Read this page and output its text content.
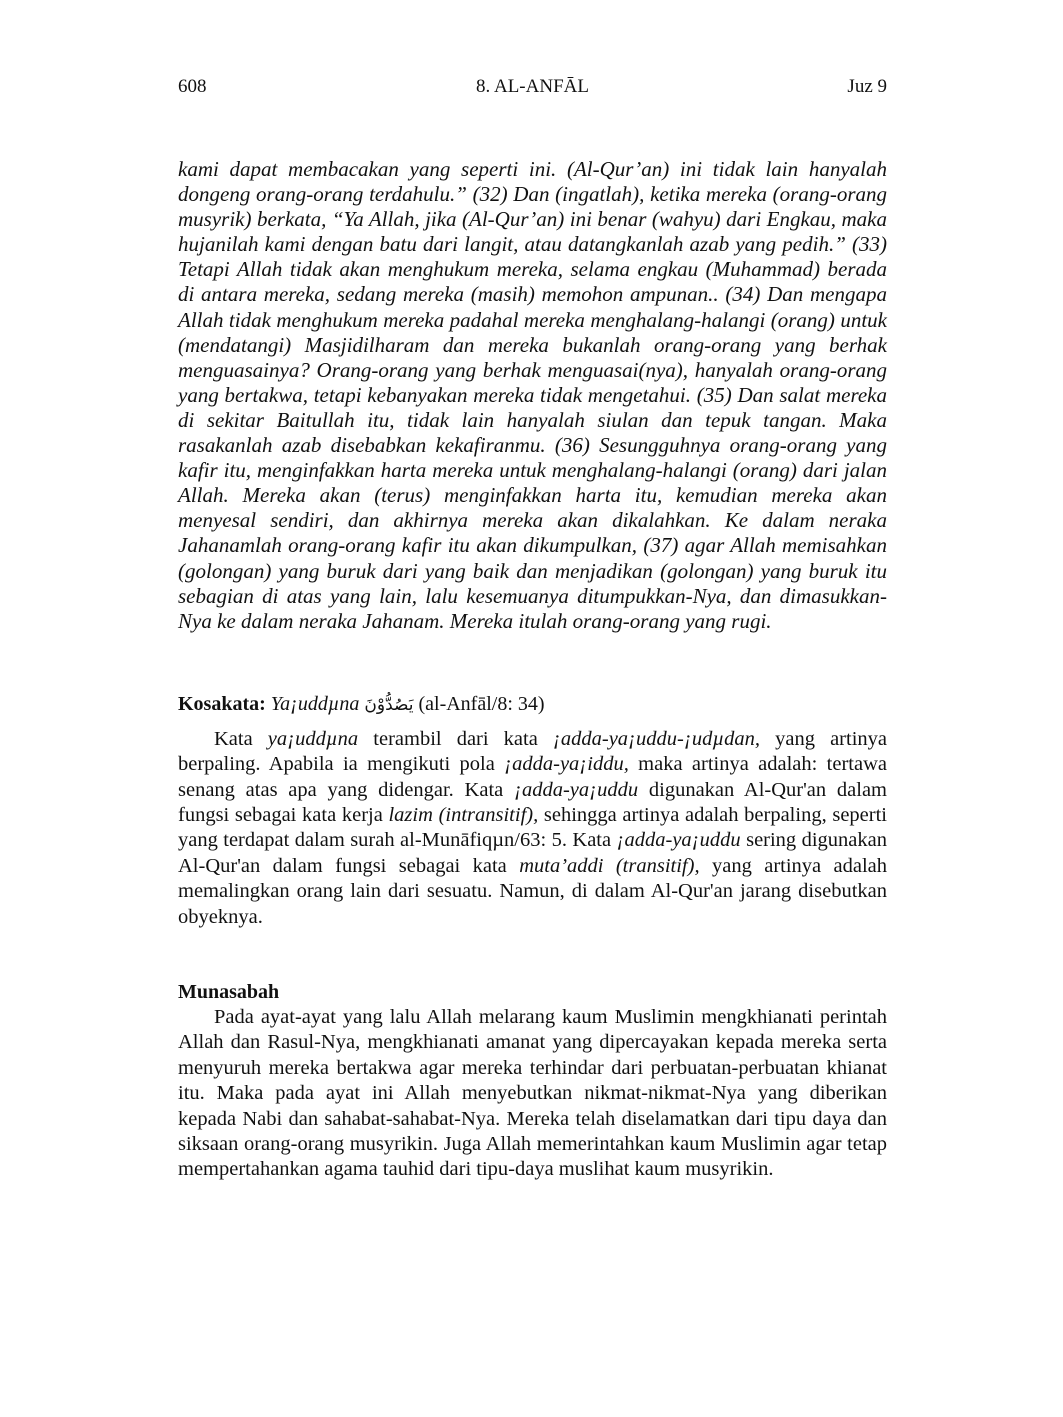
608	8. AL-ANFĀL	Juz 9

kami dapat membacakan yang seperti ini. (Al-Qur’an) ini tidak lain hanyalah dongeng orang-orang terdahulu.” (32) Dan (ingatlah), ketika mereka (orang-orang musyrik) berkata, “Ya Allah, jika (Al-Qur’an) ini benar (wahyu) dari Engkau, maka hujanilah kami dengan batu dari langit, atau datangkanlah azab yang pedih.” (33) Tetapi Allah tidak akan menghukum mereka, selama engkau (Muhammad) berada di antara mereka, sedang mereka (masih) memohon ampunan.. (34) Dan mengapa Allah tidak menghukum mereka padahal mereka menghalang-halangi (orang) untuk (mendatangi) Masjidilharam dan mereka bukanlah orang-orang yang berhak menguasainya? Orang-orang yang berhak menguasai(nya), hanyalah orang-orang yang bertakwa, tetapi kebanyakan mereka tidak mengetahui. (35) Dan salat mereka di sekitar Baitullah itu, tidak lain hanyalah siulan dan tepuk tangan. Maka rasakanlah azab disebabkan kekafiranmu. (36) Sesungguhnya orang-orang yang kafir itu, menginfakkan harta mereka untuk menghalang-halangi (orang) dari jalan Allah. Mereka akan (terus) menginfakkan harta itu, kemudian mereka akan menyesal sendiri, dan akhirnya mereka akan dikalahkan. Ke dalam neraka Jahanamlah orang-orang kafir itu akan dikumpulkan, (37) agar Allah memisahkan (golongan) yang buruk dari yang baik dan menjadikan (golongan) yang buruk itu sebagian di atas yang lain, lalu kesemuanya ditumpukkan-Nya, dan dimasukkan-Nya ke dalam neraka Jahanam. Mereka itulah orang-orang yang rugi.

Kosakata: Ya¡uddµna يَصُدُّوْنَ (al-Anfāl/8: 34)

Kata ya¡uddµna terambil dari kata ¡adda-ya¡uddu-¡udµdan, yang artinya berpaling. Apabila ia mengikuti pola ¡adda-ya¡iddu, maka artinya adalah: tertawa senang atas apa yang didengar. Kata ¡adda-ya¡uddu digunakan Al-Qur'an dalam fungsi sebagai kata kerja lazim (intransitif), sehingga artinya adalah berpaling, seperti yang terdapat dalam surah al-Munāfiqµn/63: 5. Kata ¡adda-ya¡uddu sering digunakan Al-Qur'an dalam fungsi sebagai kata muta’addi (transitif), yang artinya adalah memalingkan orang lain dari sesuatu. Namun, di dalam Al-Qur'an jarang disebutkan obyeknya.

Munasabah

Pada ayat-ayat yang lalu Allah melarang kaum Muslimin mengkhianati perintah Allah dan Rasul-Nya, mengkhianati amanat yang dipercayakan kepada mereka serta menyuruh mereka bertakwa agar mereka terhindar dari perbuatan-perbuatan khianat itu. Maka pada ayat ini Allah menyebutkan nikmat-nikmat-Nya yang diberikan kepada Nabi dan sahabat-sahabat-Nya. Mereka telah diselamatkan dari tipu daya dan siksaan orang-orang musyrikin. Juga Allah memerintahkan kaum Muslimin agar tetap mempertahankan agama tauhid dari tipu-daya muslihat kaum musyrikin.
